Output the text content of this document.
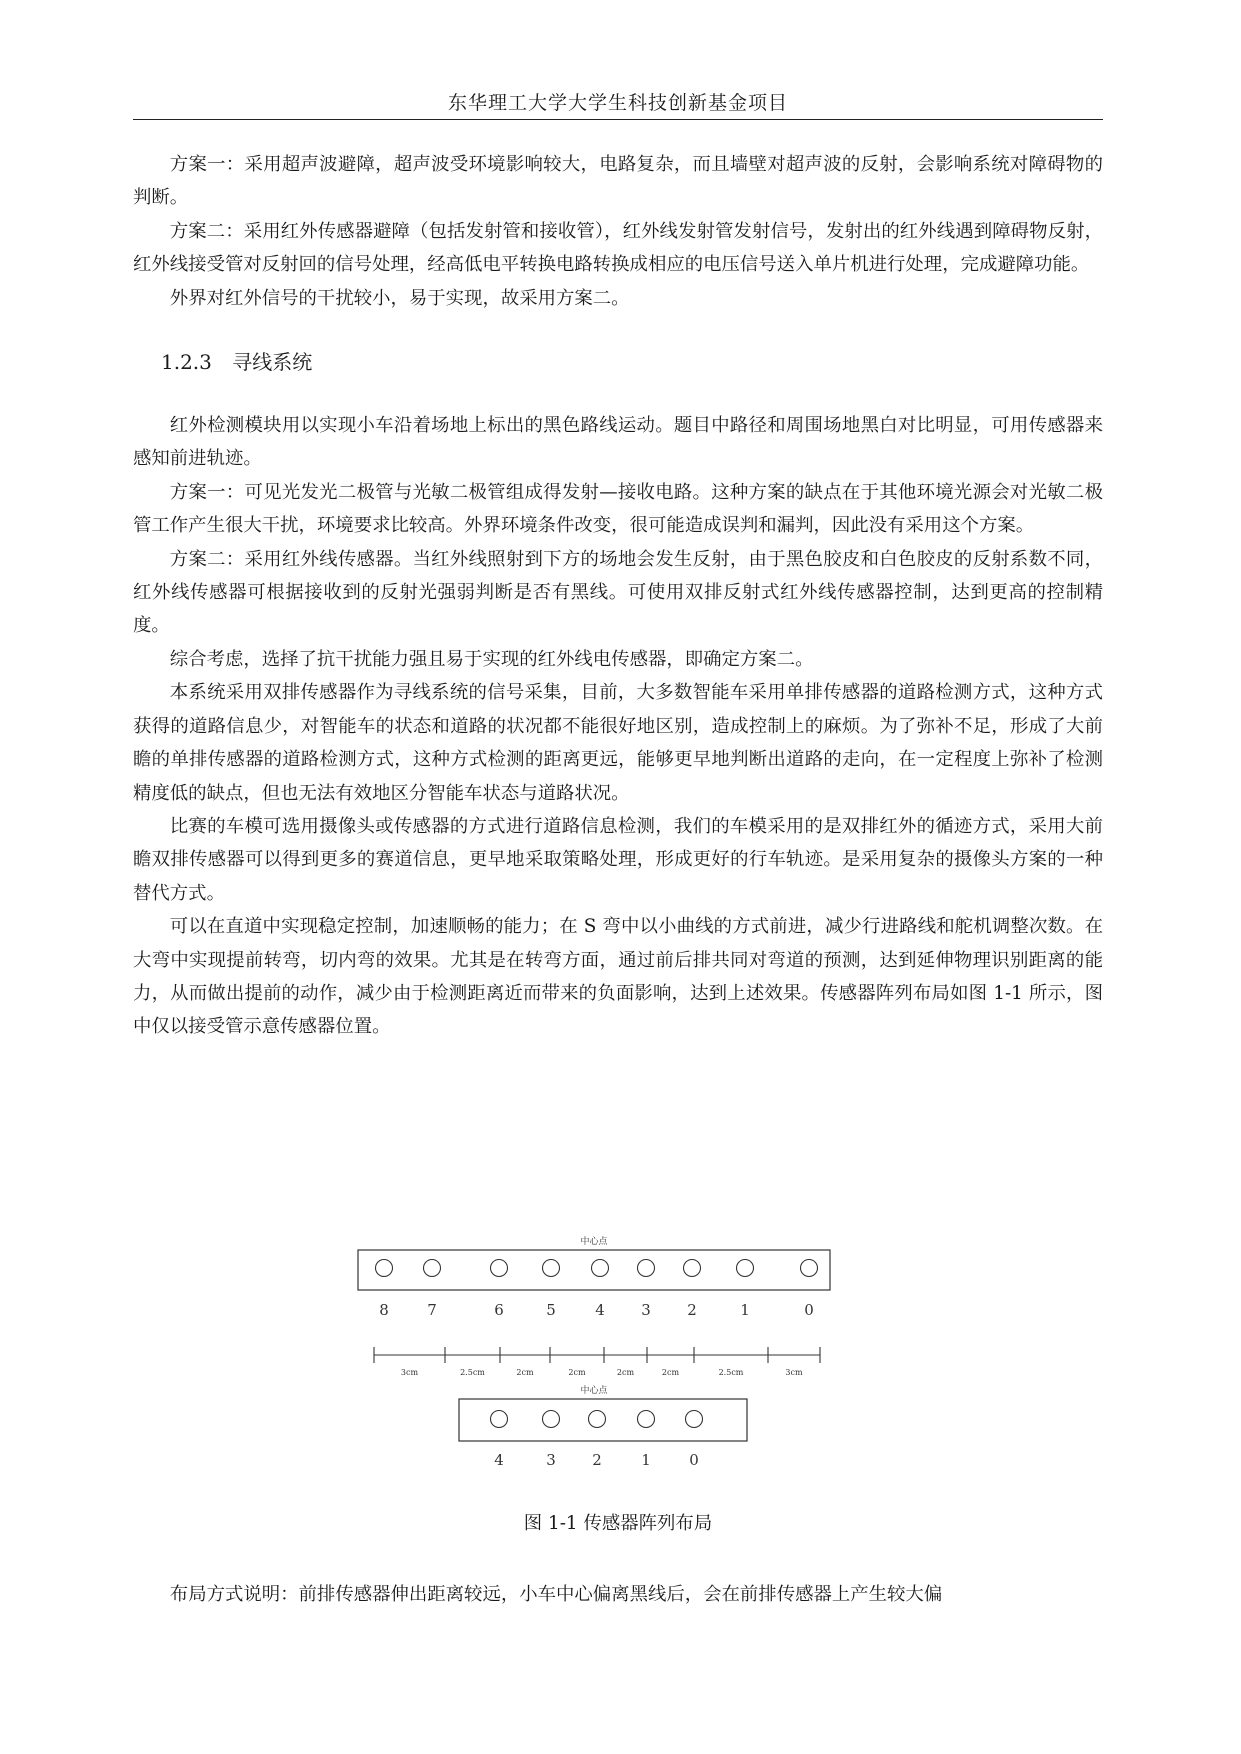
东华理工大学大学生科技创新基金项目

方案一：采用超声波避障，超声波受环境影响较大，电路复杂，而且墙壁对超声波的反射，会影响系统对障碍物的判断。

方案二：采用红外传感器避障（包括发射管和接收管），红外线发射管发射信号，发射出的红外线遇到障碍物反射，红外线接受管对反射回的信号处理，经高低电平转换电路转换成相应的电压信号送入单片机进行处理，完成避障功能。

外界对红外信号的干扰较小，易于实现，故采用方案二。

1.2.3 寻线系统

红外检测模块用以实现小车沿着场地上标出的黑色路线运动。题目中路径和周围场地黑白对比明显，可用传感器来感知前进轨迹。

方案一：可见光发光二极管与光敏二极管组成得发射—接收电路。这种方案的缺点在于其他环境光源会对光敏二极管工作产生很大干扰，环境要求比较高。外界环境条件改变，很可能造成误判和漏判，因此没有采用这个方案。

方案二：采用红外线传感器。当红外线照射到下方的场地会发生反射，由于黑色胶皮和白色胶皮的反射系数不同，红外线传感器可根据接收到的反射光强弱判断是否有黑线。可使用双排反射式红外线传感器控制，达到更高的控制精度。

综合考虑，选择了抗干扰能力强且易于实现的红外线电传感器，即确定方案二。

本系统采用双排传感器作为寻线系统的信号采集，目前，大多数智能车采用单排传感器的道路检测方式，这种方式获得的道路信息少，对智能车的状态和道路的状况都不能很好地区别，造成控制上的麻烦。为了弥补不足，形成了大前瞻的单排传感器的道路检测方式，这种方式检测的距离更远，能够更早地判断出道路的走向，在一定程度上弥补了检测精度低的缺点，但也无法有效地区分智能车状态与道路状况。

比赛的车模可选用摄像头或传感器的方式进行道路信息检测，我们的车模采用的是双排红外的循迹方式，采用大前瞻双排传感器可以得到更多的赛道信息，更早地采取策略处理，形成更好的行车轨迹。是采用复杂的摄像头方案的一种替代方式。

可以在直道中实现稳定控制，加速顺畅的能力；在 S 弯中以小曲线的方式前进，减少行进路线和舵机调整次数。在大弯中实现提前转弯，切内弯的效果。尤其是在转弯方面，通过前后排共同对弯道的预测，达到延伸物理识别距离的能力，从而做出提前的动作，减少由于检测距离近而带来的负面影响，达到上述效果。传感器阵列布局如图 1-1 所示，图中仅以接受管示意传感器位置。

中心点
8	7	6	5	4 3 2	1	0
3cm	2.5cm	2cm	2cm	2cm	2cm	2.5cm	3cm
中心点
4	3 2	1	0
图 1-1 传感器阵列布局

布局方式说明：前排传感器伸出距离较远，小车中心偏离黑线后，会在前排传感器上产生较大偏
